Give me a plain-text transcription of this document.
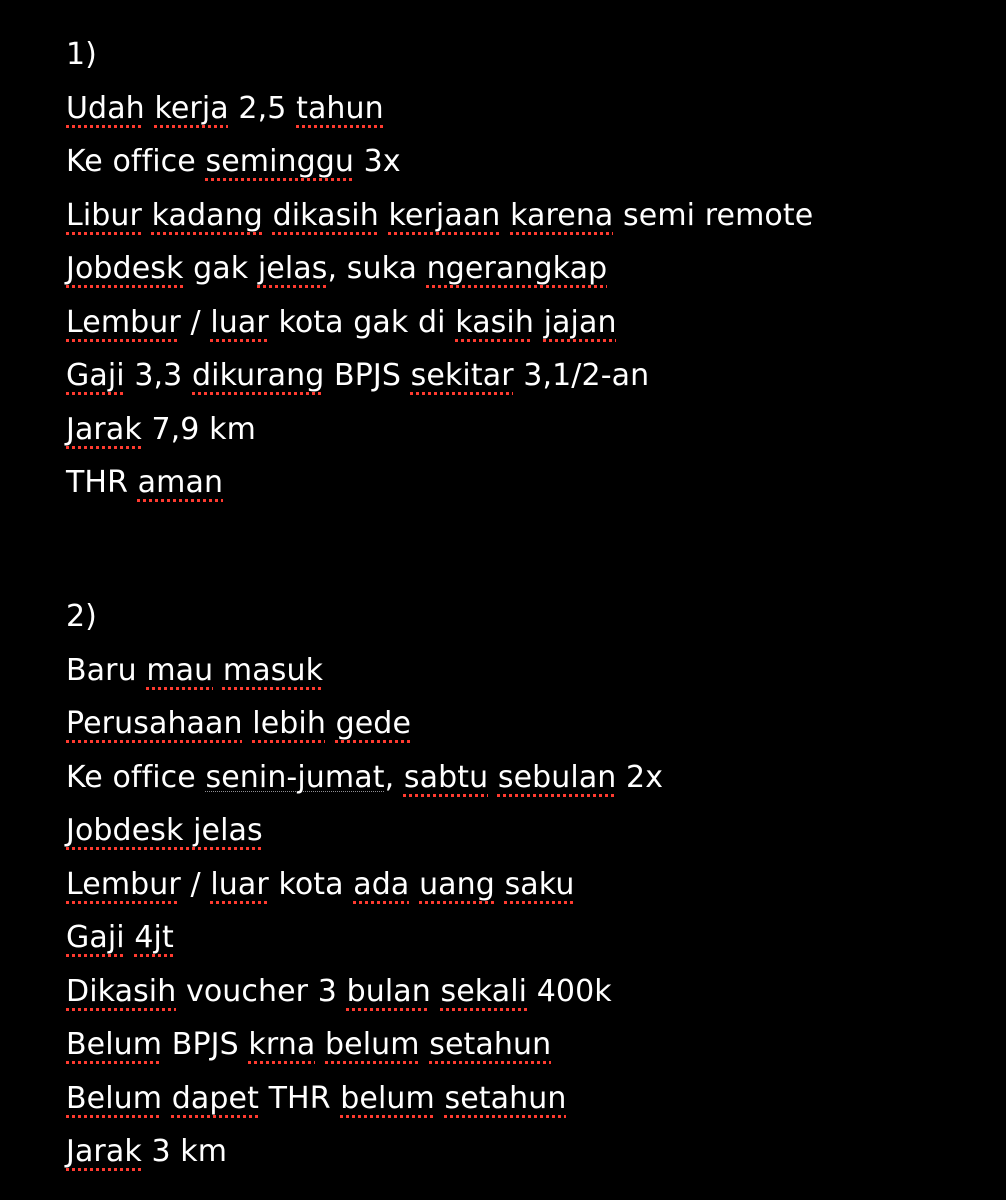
1)
Udah kerja 2,5 tahun
Ke office seminggu 3x
Libur kadang dikasih kerjaan karena semi remote
Jobdesk gak jelas, suka ngerangkap
Lembur / luar kota gak di kasih jajan
Gaji 3,3 dikurang BPJS sekitar 3,1/2-an
Jarak 7,9 km
THR aman
2)
Baru mau masuk
Perusahaan lebih gede
Ke office senin-jumat, sabtu sebulan 2x
Jobdesk jelas
Lembur / luar kota ada uang saku
Gaji 4jt
Dikasih voucher 3 bulan sekali 400k
Belum BPJS krna belum setahun
Belum dapet THR belum setahun
Jarak 3 km
